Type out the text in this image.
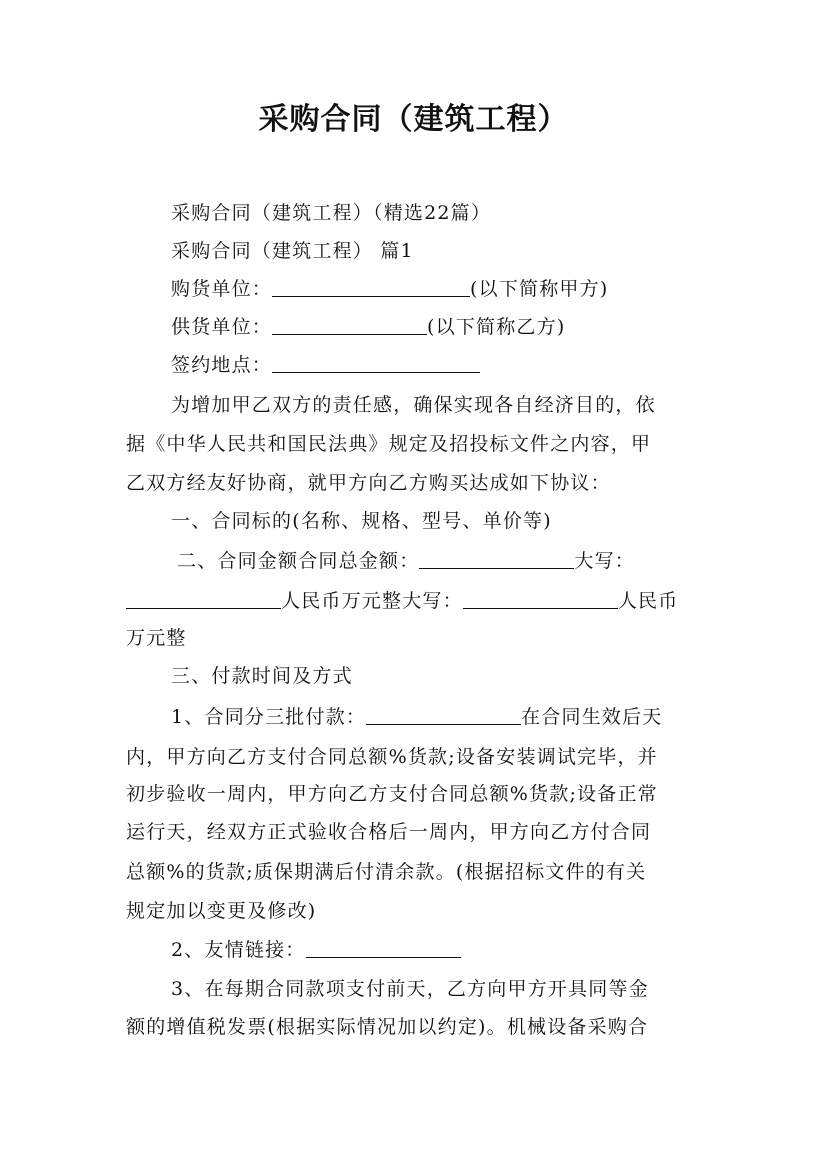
采购合同（建筑工程）
采购合同（建筑工程）（精选22篇）
采购合同（建筑工程） 篇1
购货单位：	(以下简称甲方)
供货单位：	(以下简称乙方)
签约地点：
为增加甲乙双方的责任感，确保实现各自经济目的，依
据《中华人民共和国民法典》规定及招投标文件之内容，甲
乙双方经友好协商，就甲方向乙方购买达成如下协议：
一、合同标的(名称、规格、型号、单价等)
二、合同金额合同总金额：	大写：
人民币万元整大写：	人民币
万元整
三、付款时间及方式
1、合同分三批付款：	在合同生效后天
内，甲方向乙方支付合同总额%货款;设备安装调试完毕，并
初步验收一周内，甲方向乙方支付合同总额%货款;设备正常
运行天，经双方正式验收合格后一周内，甲方向乙方付合同
总额%的货款;质保期满后付清余款。(根据招标文件的有关
规定加以变更及修改)
2、友情链接：
3、在每期合同款项支付前天，乙方向甲方开具同等金
额的增值税发票(根据实际情况加以约定)。机械设备采购合
